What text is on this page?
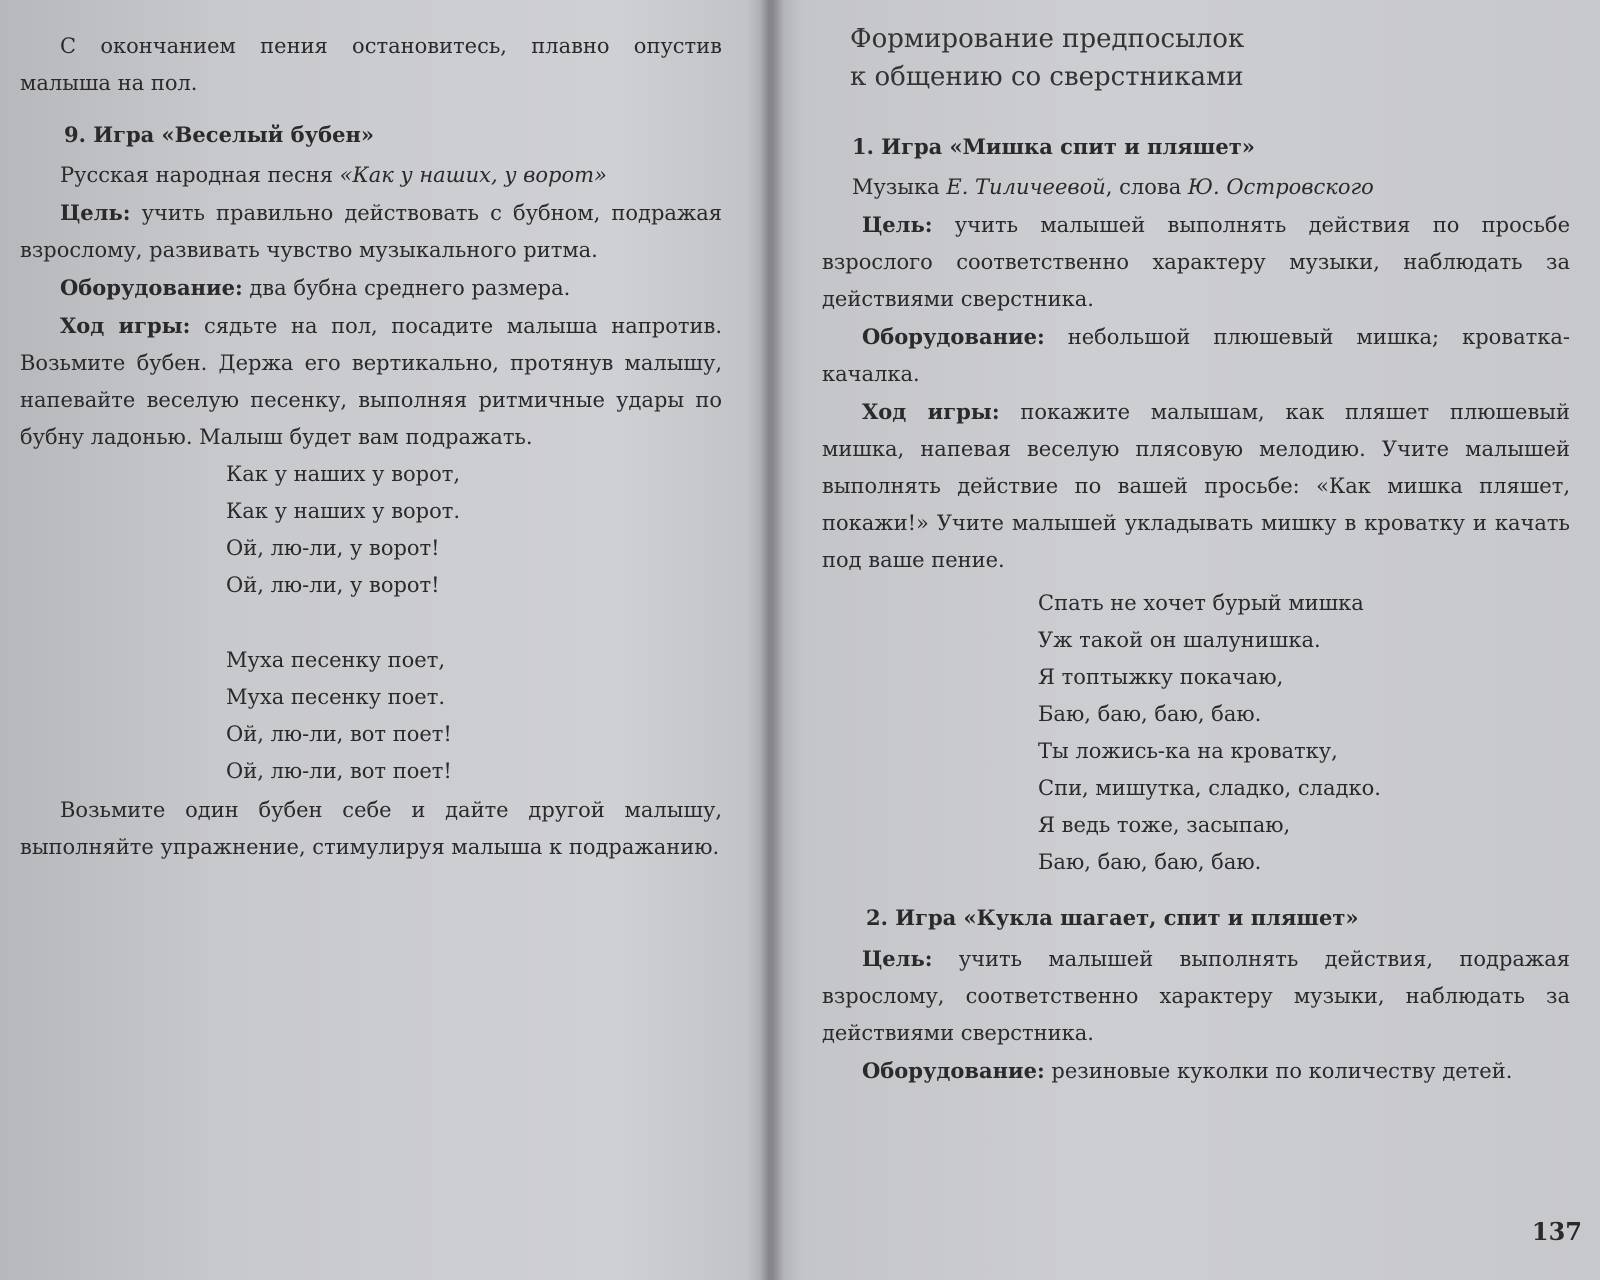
С окончанием пения остановитесь, плавно опустив малыша на пол.

9. Игра «Веселый бубен»

Русская народная песня «Как у наших, у ворот»

Цель: учить правильно действовать с бубном, подражая взрослому, развивать чувство музыкального ритма.

Оборудование: два бубна среднего размера.

Ход игры: сядьте на пол, посадите малыша напротив. Возьмите бубен. Держа его вертикально, протянув малышу, напевайте веселую песенку, выполняя ритмичные удары по бубну ладонью. Малыш будет вам подражать.

Как у наших у ворот,
Как у наших у ворот.
Ой, лю-ли, у ворот!
Ой, лю-ли, у ворот!
Муха песенку поет,
Муха песенку поет.
Ой, лю-ли, вот поет!
Ой, лю-ли, вот поет!

Возьмите один бубен себе и дайте другой малышу, выполняйте упражнение, стимулируя малыша к подражанию.

Формирование предпосылок
к общению со сверстниками

1. Игра «Мишка спит и пляшет»

Музыка Е. Тиличеевой, слова Ю. Островского

Цель: учить малышей выполнять действия по просьбе взрослого соответственно характеру музыки, наблюдать за действиями сверстника.

Оборудование: небольшой плюшевый мишка; кроватка-качалка.

Ход игры: покажите малышам, как пляшет плюшевый мишка, напевая веселую плясовую мелодию. Учите малышей выполнять действие по вашей просьбе: «Как мишка пляшет, покажи!» Учите малышей укладывать мишку в кроватку и качать под ваше пение.

Спать не хочет бурый мишка
Уж такой он шалунишка.
Я топтыжку покачаю,
Баю, баю, баю, баю.
Ты ложись-ка на кроватку,
Спи, мишутка, сладко, сладко.
Я ведь тоже, засыпаю,
Баю, баю, баю, баю.

2. Игра «Кукла шагает, спит и пляшет»

Цель: учить малышей выполнять действия, подражая взрослому, соответственно характеру музыки, наблюдать за действиями сверстника.

Оборудование: резиновые куколки по количеству детей.

137
